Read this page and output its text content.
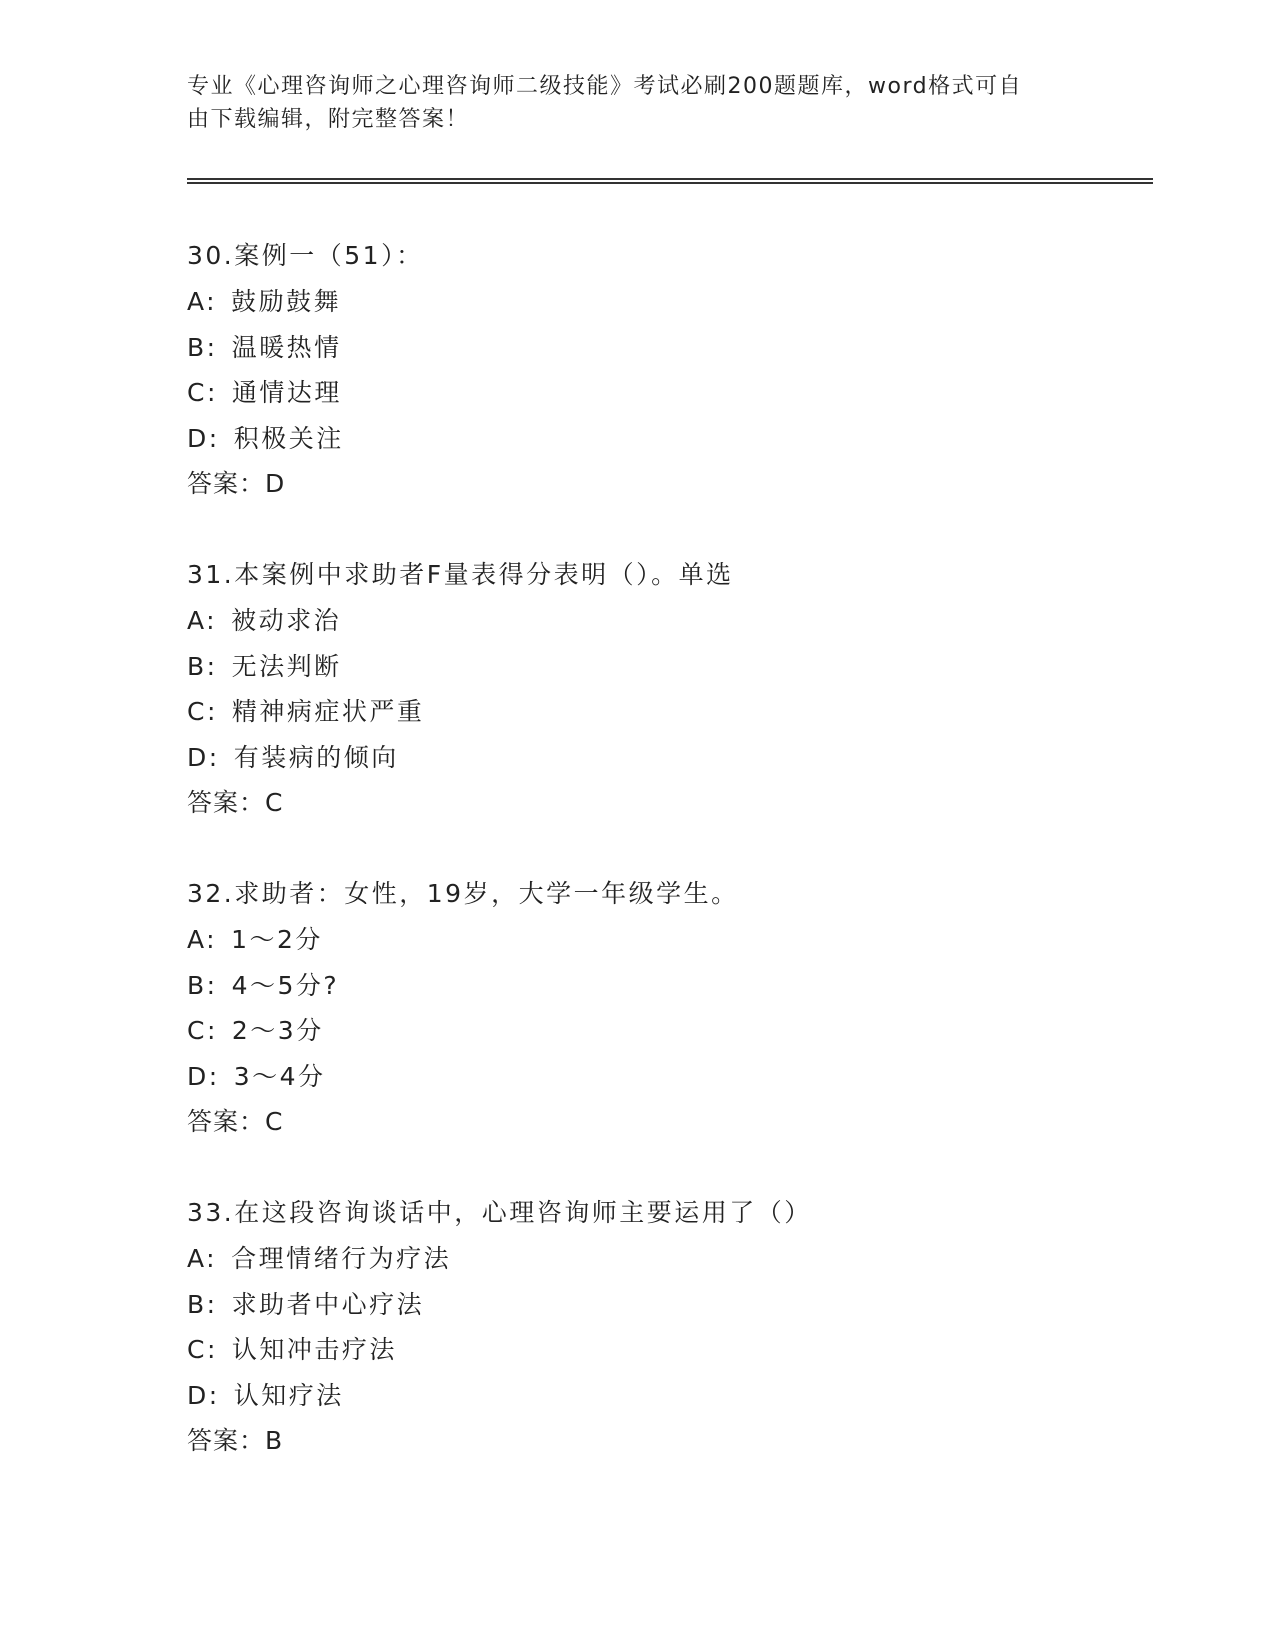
专业《心理咨询师之心理咨询师二级技能》考试必刷200题题库，word格式可自
由下载编辑，附完整答案！
30.案例一（51）：
A: 鼓励鼓舞
B: 温暖热情
C: 通情达理
D: 积极关注
答案：D
31.本案例中求助者F量表得分表明（）。单选
A: 被动求治
B: 无法判断
C: 精神病症状严重
D: 有装病的倾向
答案：C
32.求助者：女性，19岁，大学一年级学生。
A: 1～2分
B: 4～5分?
C: 2～3分
D: 3～4分
答案：C
33.在这段咨询谈话中，心理咨询师主要运用了（）
A: 合理情绪行为疗法
B: 求助者中心疗法
C: 认知冲击疗法
D: 认知疗法
答案：B
